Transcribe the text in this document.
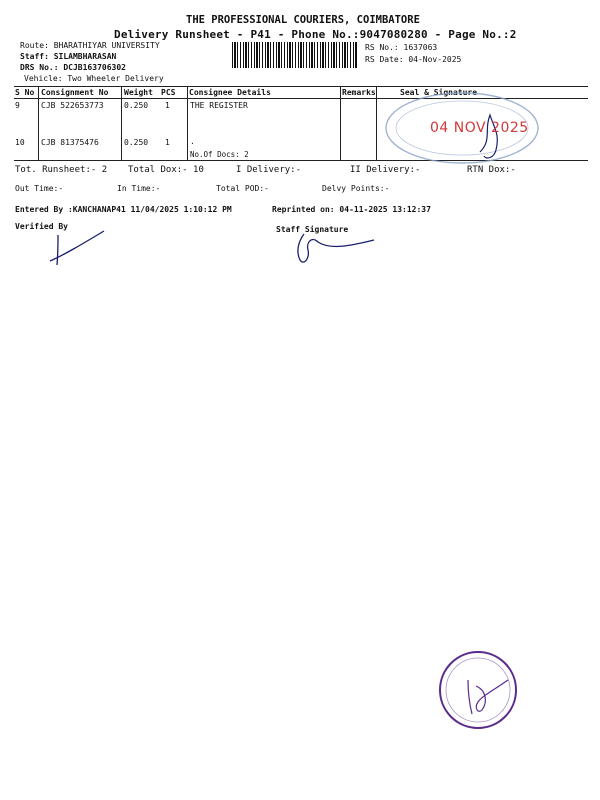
THE PROFESSIONAL COURIERS, COIMBATORE
Delivery Runsheet - P41 - Phone No.:9047080280 - Page No.:2
Route: BHARATHIYAR UNIVERSITY
Staff: SILAMBHARASAN
DRS No.: DCJB163706302
Vehicle: Two Wheeler Delivery
RS No.: 1637063
RS Date: 04-Nov-2025
S No Consignment No Weight PCS Consignee Details	Remarks	Seal & Signature
9	CJB 522653773	0.250 1	THE REGISTER
10 CJB 81375476	0.250 1	.
No.Of Docs: 2
04 NOV 2025
Tot. Runsheet:- 2 Total Dox:- 10	I Delivery:-	II Delivery:-	RTN Dox:-
Out Time:-	In Time:-	Total POD:-	Delvy Points:-
Entered By :KANCHANAP41 11/04/2025 1:10:12 PM	Reprinted on: 04-11-2025 13:12:37
Verified By	Staff Signature
